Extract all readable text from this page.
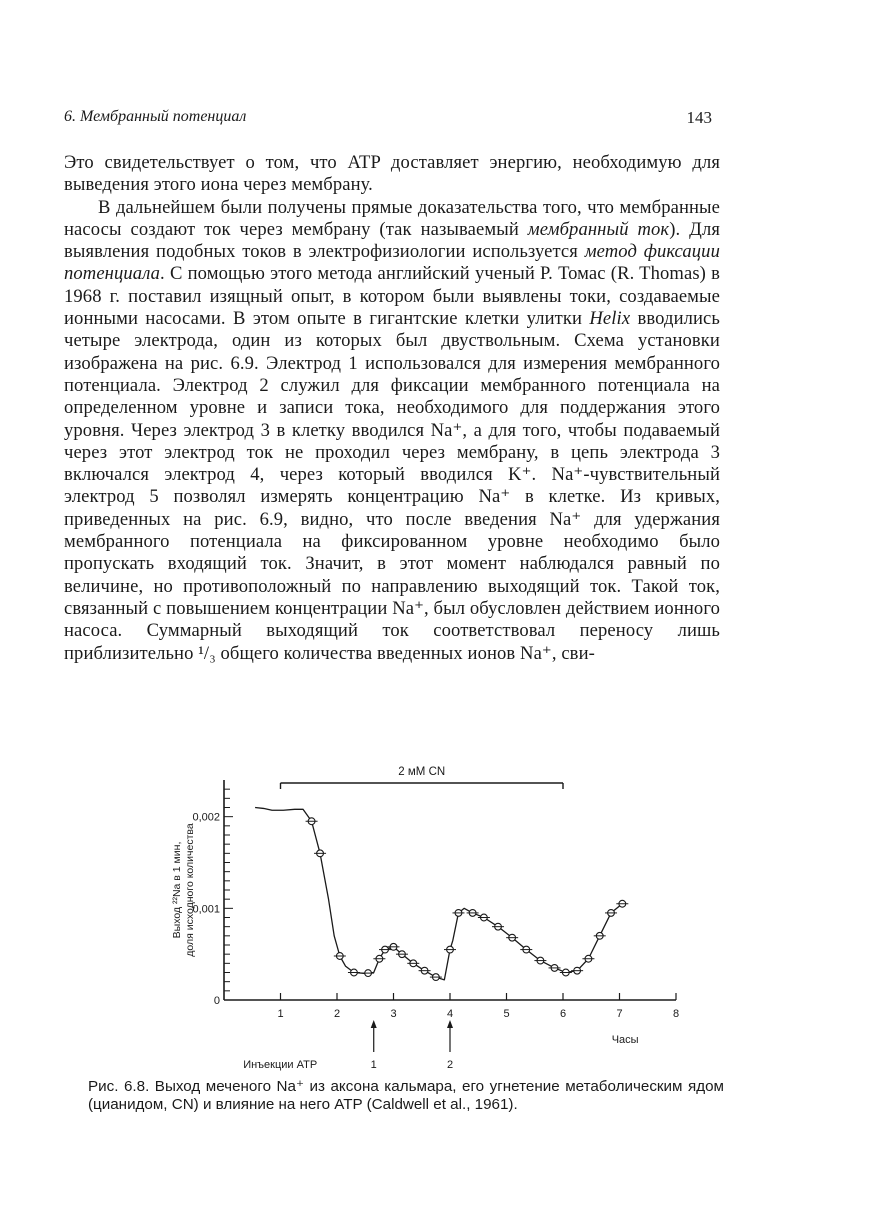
6. Мембранный потенциал	143

Это свидетельствует о том, что ATP доставляет энергию, необходимую для выведения этого иона через мембрану.

В дальнейшем были получены прямые доказательства того, что мембранные насосы создают ток через мембрану (так называемый мембранный ток). Для выявления подобных токов в электрофизиологии используется метод фиксации потенциала. С помощью этого метода английский ученый Р. Томас (R. Thomas) в 1968 г. поставил изящный опыт, в котором были выявлены токи, создаваемые ионными насосами. В этом опыте в гигантские клетки улитки Helix вводились четыре электрода, один из которых был двуствольным. Схема установки изображена на рис. 6.9. Электрод 1 использовался для измерения мембранного потенциала. Электрод 2 служил для фиксации мембранного потенциала на определенном уровне и записи тока, необходимого для поддержания этого уровня. Через электрод 3 в клетку вводился Na⁺, а для того, чтобы подаваемый через этот электрод ток не проходил через мембрану, в цепь электрода 3 включался электрод 4, через который вводился K⁺. Na⁺-чувствительный электрод 5 позволял измерять концентрацию Na⁺ в клетке. Из кривых, приведенных на рис. 6.9, видно, что после введения Na⁺ для удержания мембранного потенциала на фиксированном уровне необходимо было пропускать входящий ток. Значит, в этот момент наблюдался равный по величине, но противоположный по направлению выходящий ток. Такой ток, связанный с повышением концентрации Na⁺, был обусловлен действием ионного насоса. Суммарный выходящий ток соответствовал переносу лишь приблизительно ¹/₃ общего количества введенных ионов Na⁺, сви-

0
0,001
0,002
1	2	3	4	5	6	7	8
Часы
Выход ²²Na в 1 мин, доля исходного количества
2 мМ CN
1	2
Инъекции ATP
Рис. 6.8. Выход меченого Na⁺ из аксона кальмара, его угнетение метаболическим ядом (цианидом, CN) и влияние на него ATP (Caldwell et al., 1961).
